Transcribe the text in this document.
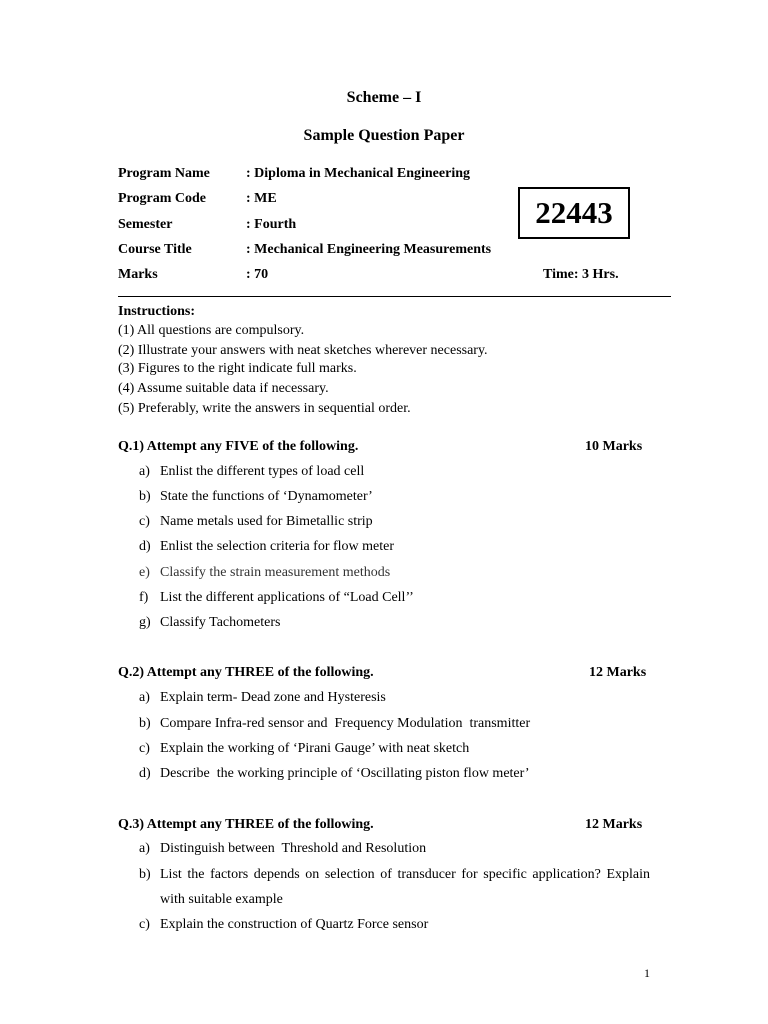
Scheme – I
Sample Question Paper
Program Name	: Diploma in Mechanical Engineering
Program Code	: ME
Semester	: Fourth
Course Title	: Mechanical Engineering Measurements
Marks	: 70	Time: 3 Hrs.
22443
Instructions:
(1) All questions are compulsory.
(2) Illustrate your answers with neat sketches wherever necessary.
(3) Figures to the right indicate full marks.
(4) Assume suitable data if necessary.
(5) Preferably, write the answers in sequential order.
Q.1) Attempt any FIVE of the following.	10 Marks
a) Enlist the different types of load cell
b) State the functions of ‘Dynamometer’
c) Name metals used for Bimetallic strip
d) Enlist the selection criteria for flow meter
e) Classify the strain measurement methods
f) List the different applications of “Load Cell’’
g) Classify Tachometers
Q.2) Attempt any THREE of the following.	12 Marks
a) Explain term- Dead zone and Hysteresis
b) Compare Infra-red sensor and  Frequency Modulation  transmitter
c) Explain the working of ‘Pirani Gauge’ with neat sketch
d) Describe  the working principle of ‘Oscillating piston flow meter’
Q.3) Attempt any THREE of the following.	12 Marks
a) Distinguish between  Threshold and Resolution
b) List the factors depends on selection of transducer for specific application? Explain
with suitable example
c) Explain the construction of Quartz Force sensor
1
